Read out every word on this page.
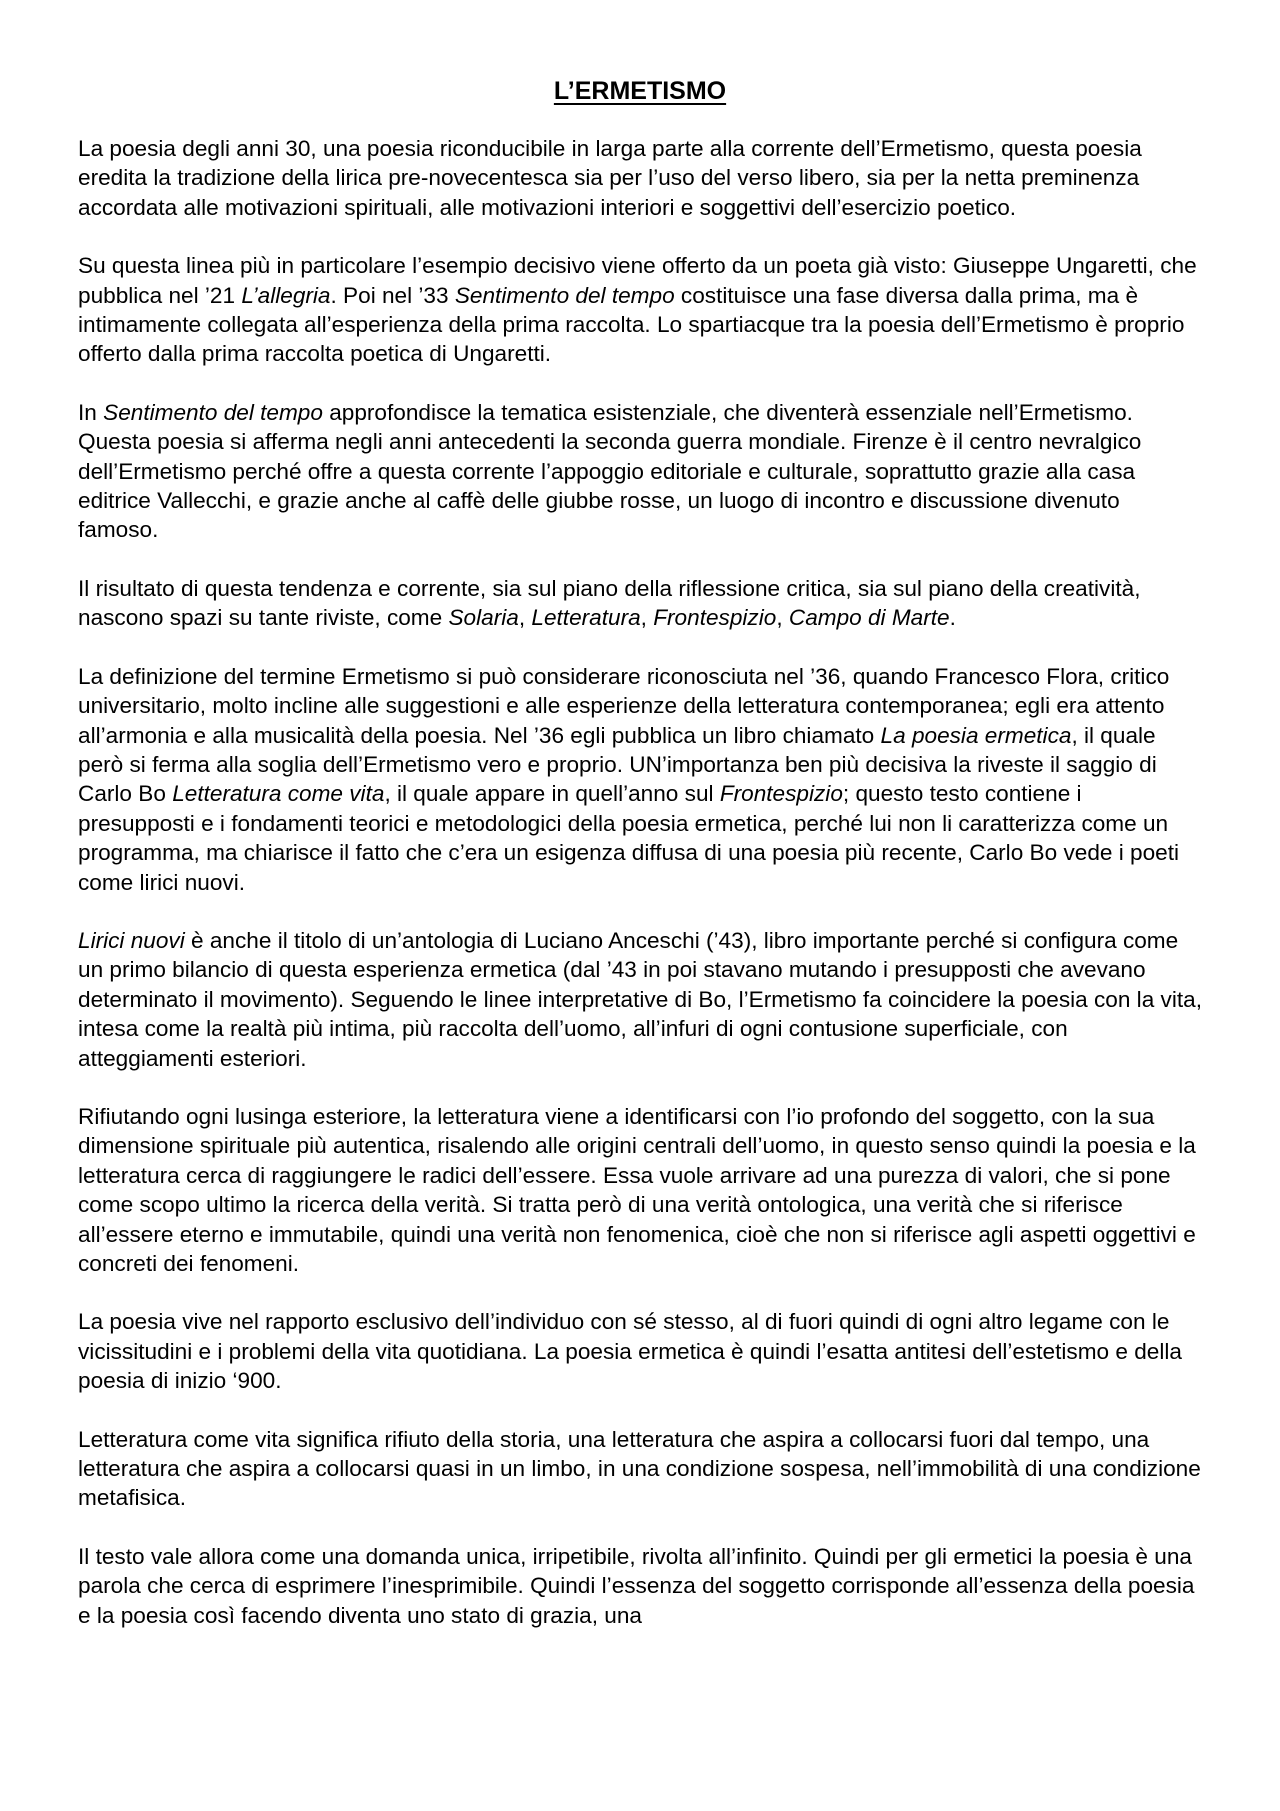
L’ERMETISMO

La poesia degli anni 30, una poesia riconducibile in larga parte alla corrente dell’Ermetismo, questa poesia eredita la tradizione della lirica pre-novecentesca sia per l’uso del verso libero, sia per la netta preminenza accordata alle motivazioni spirituali, alle motivazioni interiori e soggettivi dell’esercizio poetico.

Su questa linea più in particolare l’esempio decisivo viene offerto da un poeta già visto: Giuseppe Ungaretti, che pubblica nel ’21 L’allegria. Poi nel ’33 Sentimento del tempo costituisce una fase diversa dalla prima, ma è intimamente collegata all’esperienza della prima raccolta. Lo spartiacque tra la poesia dell’Ermetismo è proprio offerto dalla prima raccolta poetica di Ungaretti.

In Sentimento del tempo approfondisce la tematica esistenziale, che diventerà essenziale nell’Ermetismo. Questa poesia si afferma negli anni antecedenti la seconda guerra mondiale. Firenze è il centro nevralgico dell’Ermetismo perché offre a questa corrente l’appoggio editoriale e culturale, soprattutto grazie alla casa editrice Vallecchi, e grazie anche al caffè delle giubbe rosse, un luogo di incontro e discussione divenuto famoso.

Il risultato di questa tendenza e corrente, sia sul piano della riflessione critica, sia sul piano della creatività, nascono spazi su tante riviste, come Solaria, Letteratura, Frontespizio, Campo di Marte.

La definizione del termine Ermetismo si può considerare riconosciuta nel ’36, quando Francesco Flora, critico universitario, molto incline alle suggestioni e alle esperienze della letteratura contemporanea; egli era attento all’armonia e alla musicalità della poesia. Nel ’36 egli pubblica un libro chiamato La poesia ermetica, il quale però si ferma alla soglia dell’Ermetismo vero e proprio. UN’importanza ben più decisiva la riveste il saggio di Carlo Bo Letteratura come vita, il quale appare in quell’anno sul Frontespizio; questo testo contiene i presupposti e i fondamenti teorici e metodologici della poesia ermetica, perché lui non li caratterizza come un programma, ma chiarisce il fatto che c’era un esigenza diffusa di una poesia più recente, Carlo Bo vede i poeti come lirici nuovi.

Lirici nuovi è anche il titolo di un’antologia di Luciano Anceschi (’43), libro importante perché si configura come un primo bilancio di questa esperienza ermetica (dal ’43 in poi stavano mutando i presupposti che avevano determinato il movimento). Seguendo le linee interpretative di Bo, l’Ermetismo fa coincidere la poesia con la vita, intesa come la realtà più intima, più raccolta dell’uomo, all’infuri di ogni contusione superficiale, con atteggiamenti esteriori.

Rifiutando ogni lusinga esteriore, la letteratura viene a identificarsi con l’io profondo del soggetto, con la sua dimensione spirituale più autentica, risalendo alle origini centrali dell’uomo, in questo senso quindi la poesia e la letteratura cerca di raggiungere le radici dell’essere. Essa vuole arrivare ad una purezza di valori, che si pone come scopo ultimo la ricerca della verità. Si tratta però di una verità ontologica, una verità che si riferisce all’essere eterno e immutabile, quindi una verità non fenomenica, cioè che non si riferisce agli aspetti oggettivi e concreti dei fenomeni.

La poesia vive nel rapporto esclusivo dell’individuo con sé stesso, al di fuori quindi di ogni altro legame con le vicissitudini e i problemi della vita quotidiana. La poesia ermetica è quindi l’esatta antitesi dell’estetismo e della poesia di inizio ‘900.

Letteratura come vita significa rifiuto della storia, una letteratura che aspira a collocarsi fuori dal tempo, una letteratura che aspira a collocarsi quasi in un limbo, in una condizione sospesa, nell’immobilità di una condizione metafisica.

Il testo vale allora come una domanda unica, irripetibile, rivolta all’infinito. Quindi per gli ermetici la poesia è una parola che cerca di esprimere l’inesprimibile. Quindi l’essenza del soggetto corrisponde all’essenza della poesia e la poesia così facendo diventa uno stato di grazia, una
